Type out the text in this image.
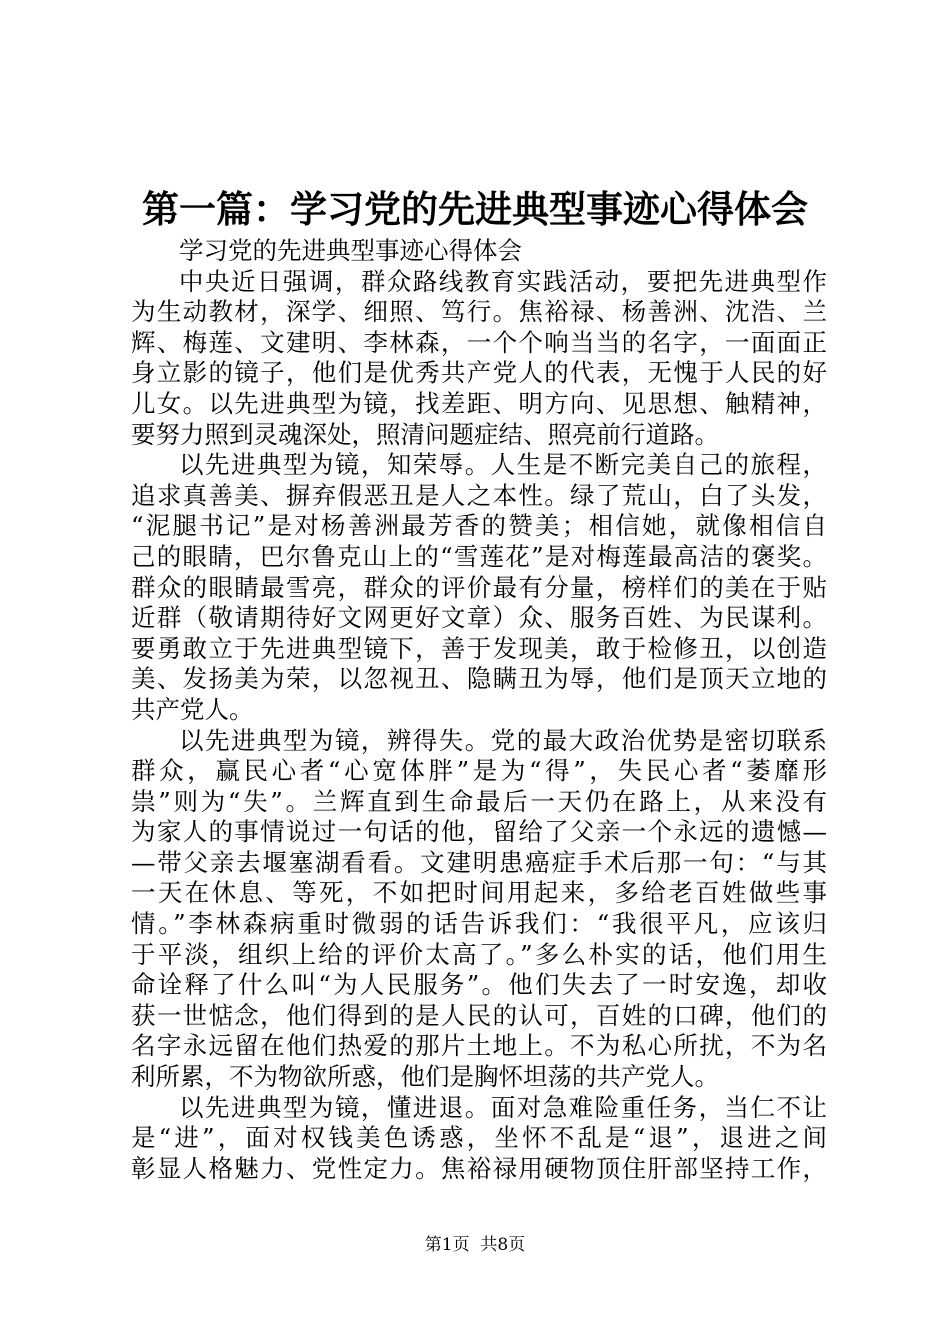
第一篇：学习党的先进典型事迹心得体会
学习党的先进典型事迹心得体会
中央近日强调，群众路线教育实践活动，要把先进典型作
为生动教材，深学、细照、笃行。焦裕禄、杨善洲、沈浩、兰
辉、梅莲、文建明、李林森，一个个响当当的名字，一面面正
身立影的镜子，他们是优秀共产党人的代表，无愧于人民的好
儿女。以先进典型为镜，找差距、明方向、见思想、触精神，
要努力照到灵魂深处，照清问题症结、照亮前行道路。
以先进典型为镜，知荣辱。人生是不断完美自己的旅程，
追求真善美、摒弃假恶丑是人之本性。绿了荒山，白了头发，
“泥腿书记”是对杨善洲最芳香的赞美；相信她，就像相信自
己的眼睛，巴尔鲁克山上的“雪莲花”是对梅莲最高洁的褒奖。
群众的眼睛最雪亮，群众的评价最有分量，榜样们的美在于贴
近群（敬请期待好文网更好文章）众、服务百姓、为民谋利。
要勇敢立于先进典型镜下，善于发现美，敢于检修丑，以创造
美、发扬美为荣，以忽视丑、隐瞒丑为辱，他们是顶天立地的
共产党人。
以先进典型为镜，辨得失。党的最大政治优势是密切联系
群众，赢民心者“心宽体胖”是为“得”，失民心者“萎靡形
祟”则为“失”。兰辉直到生命最后一天仍在路上，从来没有
为家人的事情说过一句话的他，留给了父亲一个永远的遗憾—
—带父亲去堰塞湖看看。文建明患癌症手术后那一句：“与其
一天在休息、等死，不如把时间用起来，多给老百姓做些事
情。”李林森病重时微弱的话告诉我们：“我很平凡，应该归
于平淡，组织上给的评价太高了。”多么朴实的话，他们用生
命诠释了什么叫“为人民服务”。他们失去了一时安逸，却收
获一世惦念，他们得到的是人民的认可，百姓的口碑，他们的
名字永远留在他们热爱的那片土地上。不为私心所扰，不为名
利所累，不为物欲所惑，他们是胸怀坦荡的共产党人。
以先进典型为镜，懂进退。面对急难险重任务，当仁不让
是“进”，面对权钱美色诱惑，坐怀不乱是“退”，退进之间
彰显人格魅力、党性定力。焦裕禄用硬物顶住肝部坚持工作，
第1页 共8页
